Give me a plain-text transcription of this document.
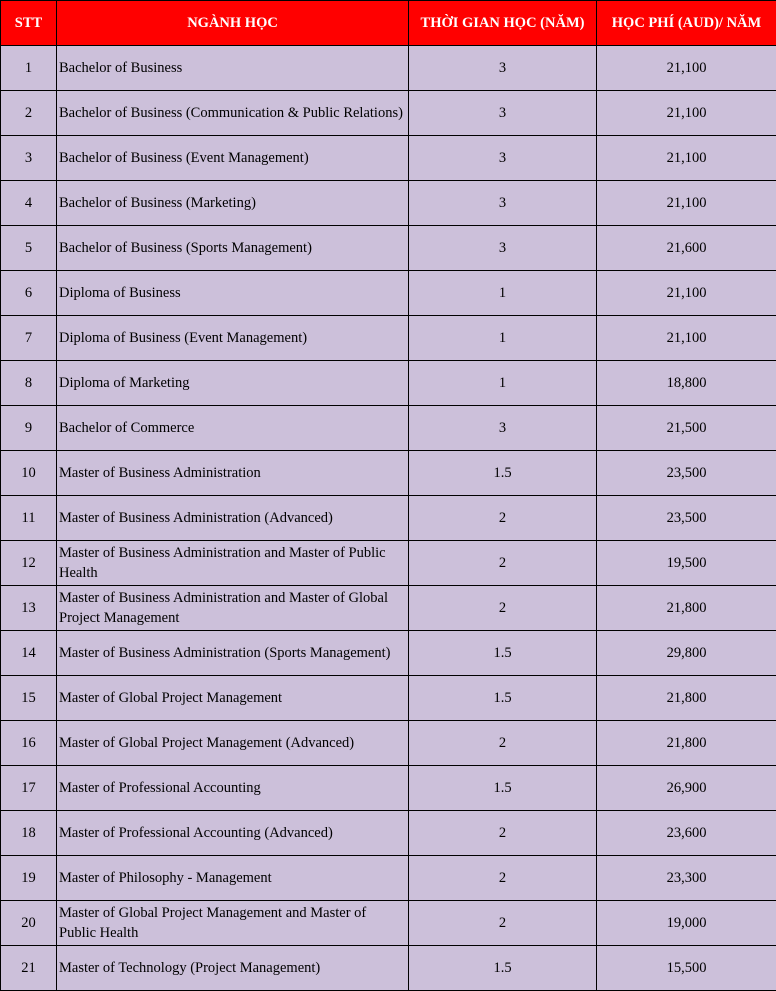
STT	NGÀNH HỌC	THỜI GIAN HỌC (NĂM)	HỌC PHÍ (AUD)/ NĂM
1	Bachelor of Business	3	21,100
2	Bachelor of Business (Communication & Public Relations)	3	21,100
3	Bachelor of Business (Event Management)	3	21,100
4	Bachelor of Business (Marketing)	3	21,100
5	Bachelor of Business (Sports Management)	3	21,600
6	Diploma of Business	1	21,100
7	Diploma of Business (Event Management)	1	21,100
8	Diploma of Marketing	1	18,800
9	Bachelor of Commerce	3	21,500
10	Master of Business Administration	1.5	23,500
11	Master of Business Administration (Advanced)	2	23,500
12	Master of Business Administration and Master of Public Health	2	19,500
13	Master of Business Administration and Master of Global Project Management	2	21,800
14	Master of Business Administration (Sports Management)	1.5	29,800
15	Master of Global Project Management	1.5	21,800
16	Master of Global Project Management (Advanced)	2	21,800
17	Master of Professional Accounting	1.5	26,900
18	Master of Professional Accounting (Advanced)	2	23,600
19	Master of Philosophy - Management	2	23,300
20	Master of Global Project Management and Master of Public Health	2	19,000
21	Master of Technology (Project Management)	1.5	15,500
